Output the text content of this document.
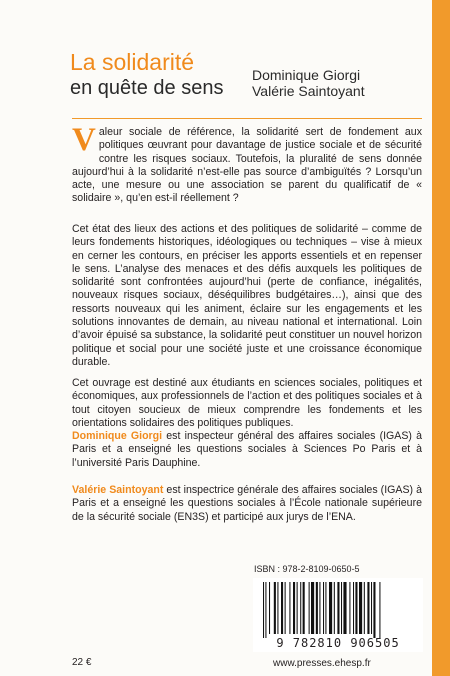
La solidarité
en quête de sens
Dominique Giorgi
Valérie Saintoyant
Valeur sociale de référence, la solidarité sert de fondement aux politiques œuvrant pour davantage de justice sociale et de sécurité contre les risques sociaux. Toutefois, la pluralité de sens donnée aujourd’hui à la solidarité n’est-elle pas source d’ambiguïtés ? Lorsqu’un acte, une mesure ou une association se parent du qualificatif de « solidaire », qu’en est-il réellement ?
Cet état des lieux des actions et des politiques de solidarité – comme de leurs fondements historiques, idéologiques ou techniques – vise à mieux en cerner les contours, en préciser les apports essentiels et en repenser le sens. L’analyse des menaces et des défis auxquels les politiques de solidarité sont confrontées aujourd’hui (perte de confiance, inégalités, nouveaux risques sociaux, déséquilibres budgétaires…), ainsi que des ressorts nouveaux qui les animent, éclaire sur les engagements et les solutions innovantes de demain, au niveau national et international. Loin d’avoir épuisé sa substance, la solidarité peut constituer un nouvel horizon politique et social pour une société juste et une croissance économique durable.
Cet ouvrage est destiné aux étudiants en sciences sociales, politiques et économiques, aux professionnels de l’action et des politiques sociales et à tout citoyen soucieux de mieux comprendre les fondements et les orientations solidaires des politiques publiques.
Dominique Giorgi est inspecteur général des affaires sociales (IGAS) à Paris et a enseigné les questions sociales à Sciences Po Paris et à l’université Paris Dauphine.
Valérie Saintoyant est inspectrice générale des affaires sociales (IGAS) à Paris et a enseigné les questions sociales à l’École nationale supérieure de la sécurité sociale (EN3S) et participé aux jurys de l’ENA.
ISBN : 978-2-8109-0650-5
9 782810 906505
22 €	www.presses.ehesp.fr
